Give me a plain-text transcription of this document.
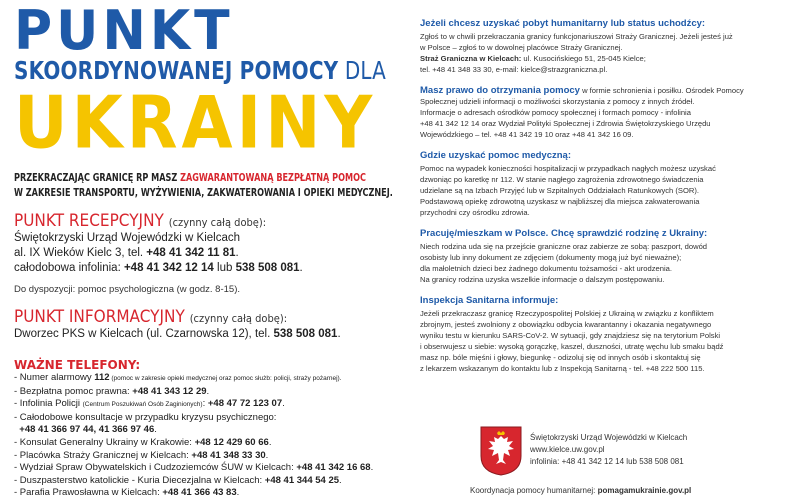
PUNKT
SKOORDYNOWANEJ POMOCY DLA
UKRAINY
PRZEKRACZAJĄC GRANICĘ RP MASZ ZAGWARANTOWANĄ BEZPŁATNĄ POMOC
W ZAKRESIE TRANSPORTU, WYŻYWIENIA, ZAKWATEROWANIA I OPIEKI MEDYCZNEJ.
PUNKT RECEPCYJNY (czynny całą dobę):
Świętokrzyski Urząd Wojewódzki w Kielcach
al. IX Wieków Kielc 3, tel. +48 41 342 11 81.
całodobowa infolinia: +48 41 342 12 14 lub 538 508 081.
Do dyspozycji: pomoc psychologiczna (w godz. 8-15).
PUNKT INFORMACYJNY (czynny całą dobę):
Dworzec PKS w Kielcach (ul. Czarnowska 12), tel. 538 508 081.
WAŻNE TELEFONY:
- Numer alarmowy 112 (pomoc w zakresie opieki medycznej oraz pomoc służb: policji, straży pożarnej).
- Bezpłatna pomoc prawna: +48 41 343 12 29.
- Infolinia Policji (Centrum Poszukiwań Osób Zaginionych): +48 47 72 123 07.
- Całodobowe konsultacje w przypadku kryzysu psychicznego:
+48 41 366 97 44, 41 366 97 46.
- Konsulat Generalny Ukrainy w Krakowie: +48 12 429 60 66.
- Placówka Straży Granicznej w Kielcach: +48 41 348 33 30.
- Wydział Spraw Obywatelskich i Cudzoziemców ŚUW w Kielcach: +48 41 342 16 68.
- Duszpasterstwo katolickie - Kuria Diecezjalna w Kielcach: +48 41 344 54 25.
- Parafia Prawosławna w Kielcach: +48 41 366 43 83.
Jeżeli chcesz uzyskać pobyt humanitarny lub status uchodźcy:
Zgłoś to w chwili przekraczania granicy funkcjonariuszowi Straży Granicznej. Jeżeli jesteś już
w Polsce – zgłoś to w dowolnej placówce Straży Granicznej.
Straż Graniczna w Kielcach: ul. Kusocińskiego 51, 25-045 Kielce;
tel. +48 41 348 33 30, e-mail: kielce@strazgraniczna.pl.
Masz prawo do otrzymania pomocy w formie schronienia i posiłku. Ośrodek Pomocy
Społecznej udzieli informacji o możliwości skorzystania z pomocy z innych źródeł.
Informacje o adresach ośrodków pomocy społecznej i formach pomocy - infolinia
+48 41 342 12 14 oraz Wydział Polityki Społecznej i Zdrowia Świętokrzyskiego Urzędu
Wojewódzkiego – tel. +48 41 342 19 10 oraz +48 41 342 16 09.
Gdzie uzyskać pomoc medyczną:
Pomoc na wypadek konieczności hospitalizacji w przypadkach nagłych możesz uzyskać
dzwoniąc po karetkę nr 112. W stanie nagłego zagrożenia zdrowotnego świadczenia
udzielane są na Izbach Przyjęć lub w Szpitalnych Oddziałach Ratunkowych (SOR).
Podstawową opiekę zdrowotną uzyskasz w najbliższej dla miejsca zakwaterowania
przychodni czy ośrodku zdrowia.
Pracuję/mieszkam w Polsce. Chcę sprawdzić rodzinę z Ukrainy:
Niech rodzina uda się na przejście graniczne oraz zabierze ze sobą: paszport, dowód
osobisty lub inny dokument ze zdjęciem (dokumenty mogą już być nieważne);
dla małoletnich dzieci bez żadnego dokumentu tożsamości - akt urodzenia.
Na granicy rodzina uzyska wszelkie informacje o dalszym postępowaniu.
Inspekcja Sanitarna informuje:
Jeżeli przekraczasz granicę Rzeczypospolitej Polskiej z Ukrainą w związku z konfliktem
zbrojnym, jesteś zwolniony z obowiązku odbycia kwarantanny i okazania negatywnego
wyniku testu w kierunku SARS-CoV-2. W sytuacji, gdy znajdziesz się na terytorium Polski
i obserwujesz u siebie: wysoką gorączkę, kaszel, duszności, utratę węchu lub smaku bądź
masz np. bóle mięśni i głowy, biegunkę - odizoluj się od innych osób i skontaktuj się
z lekarzem wskazanym do kontaktu lub z Inspekcją Sanitarną - tel. +48 222 500 115.
Świętokrzyski Urząd Wojewódzki w Kielcach
www.kielce.uw.gov.pl
infolinia: +48 41 342 12 14 lub 538 508 081
Koordynacja pomocy humanitarnej: pomagamukrainie.gov.pl
